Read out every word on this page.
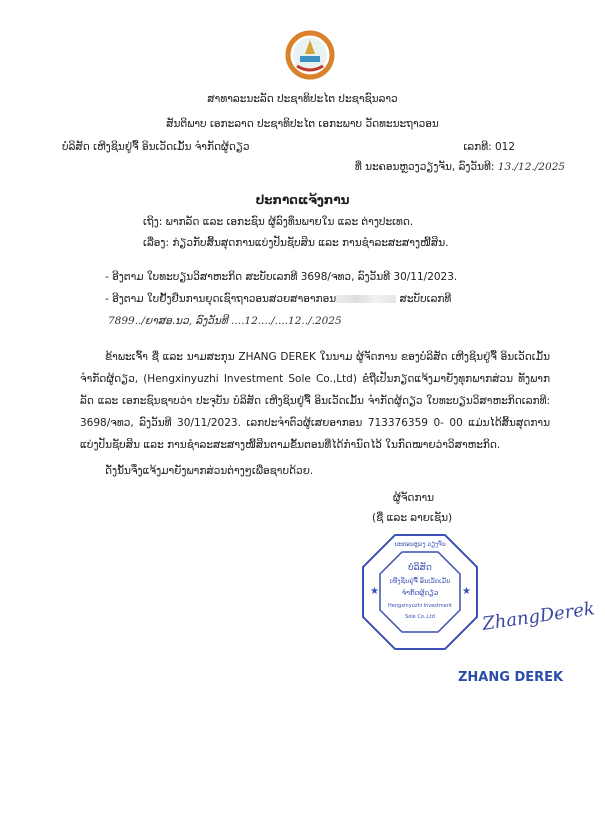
ສາທາລະນະລັດ ປະຊາທິປະໄຕ ປະຊາຊົນລາວ
ສັນຕິພາບ ເອກະລາດ ປະຊາທິປະໄຕ ເອກະພາບ ວັດທະນະຖາວອນ
ບໍລິສັດ ເຫີງຊິນຢູ່ຈື້ ອິນເວັດເມັ້ນ ຈຳກັດຜູ້ດຽວ	ເລກທີ: 012
ທີ່ ນະຄອນຫຼວງວຽງຈັນ, ລົງວັນທີ: 13./12./2025
ປະກາດແຈ້ງການ
ເຖິງ: ພາກລັດ ແລະ ເອກະຊົນ ຜູ້ລົງທຶນພາຍໃນ ແລະ ຕ່າງປະເທດ.
ເລື່ອງ: ກ່ຽວກັບສິ້ນສຸດການແບ່ງປັນຊັບສິນ ແລະ ການຊຳລະສະສາງໜີ້ສິນ.
- ອີງຕາມ ໃບທະບຽນວິສາຫະກິດ ສະບັບເລກທີ 3698/ຈທວ, ລົງວັນທີ 30/11/2023.
- ອີງຕາມ ໃບຢັ້ງຢືນການຍຸດເຊົາຖາວອນສວຍສາອາກອນ	ສະບັບເລກທີ
7899../ຍາສອ.ນວ, ລົງວັນທີ ....12..../....12../.2025

ຂ້າພະເຈົ້າ ຊື່ ແລະ ນາມສະກຸນ ZHANG DEREK ໃນນາມ ຜູ້ຈັດການ ຂອງບໍລິສັດ ເຫີງຊິນຢູ່ຈື້ ອິນເວັດເມັ້ນ ຈຳກັດຜູ້ດຽວ, (Hengxinyuzhi Investment Sole Co.,Ltd) ຂໍຖືເປັນກຽດແຈ້ງມາຍັງທຸກພາກສ່ວນ ທັງພາກລັດ ແລະ ເອກະຊົນຊາບວ່າ ປະຈຸບັນ ບໍລິສັດ ເຫີງຊິນຢູ່ຈື້ ອິນເວັດເມັ້ນ ຈຳກັດຜູ້ດຽວ ໃບທະບຽນວິສາຫະກິດເລກທີ: 3698/ຈທວ, ລົງວັນທີ 30/11/2023. ເລກປະຈຳຕົວຜູ້ເສຍອາກອນ 713376359 0- 00 ແມ່ນໄດ້ສິ້ນສຸດການແບ່ງປັນຊັບສິນ ແລະ ການຊຳລະສະສາງໜີ້ສິນຕາມຂັ້ນຕອນທີ່ໄດ້ກຳນົດໄວ້ ໃນກົດໝາຍວ່າວິສາຫະກິດ.

ດັ່ງນັ້ນຈຶ່ງແຈ້ງມາຍັງພາກສ່ວນຕ່າງໆເພື່ອຊາບດ້ວຍ.
ຜູ້ຈັດການ
(ຊື່ ແລະ ລາຍເຊັນ)
★	★
ນະຄອນຫຼວງ ວຽງຈັນ
ບໍລິສັດ
ເຫີງຊິນຢູ່ຈື້ ອິນເວັດເມັ້ນ
ຈຳກັດຜູ້ດຽວ
Hengxinyuzhi Investment
Sole Co.,Ltd	ZhangDerek
ZHANG DEREK
